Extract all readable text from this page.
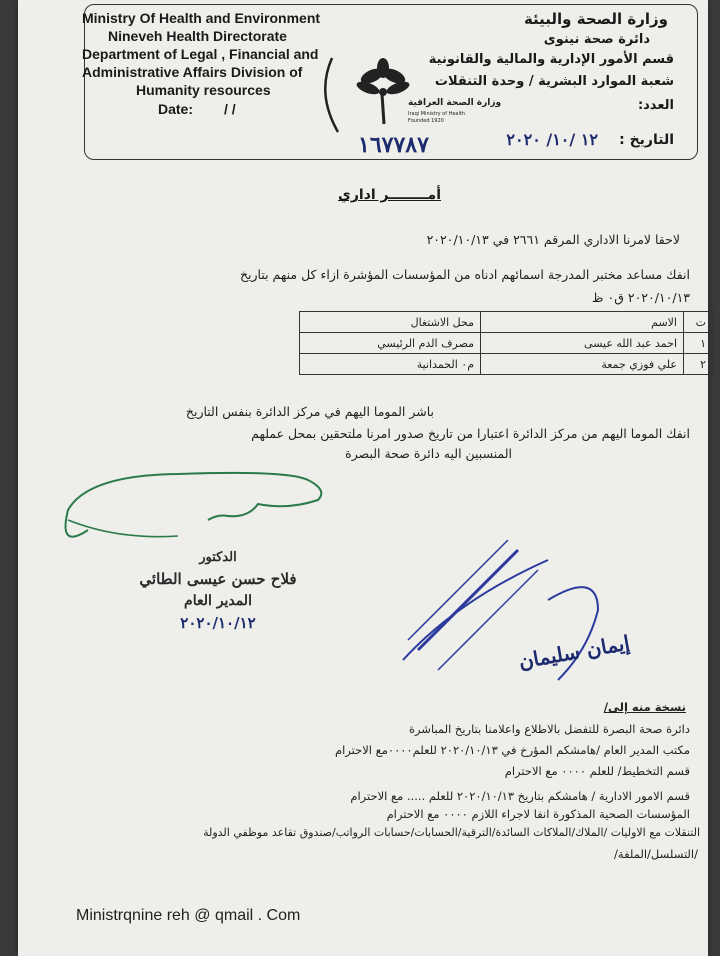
Ministry Of Health and Environment
Nineveh Health Directorate
Department of Legal , Financial and
Administrative Affairs Division of
Humanity resources
Date: / /	وزارة الصحة العراقية
Iraqi Ministry of Health
Founded 1920
وزارة الصحة والبيئة
دائرة صحة نينوى
قسم الأمور الإدارية والمالية والقانونية
شعبة الموارد البشرية / وحدة التنقلات
العدد:
التاريخ :
١٢ /١٠/ ٢٠٢٠
١٦٧٧٨٧
أمــــــــر اداري
لاحقا لامرنا الاداري المرقم ٢٦٦١ في ٢٠٢٠/١٠/١٣
انفك مساعد مختبر المدرجة اسمائهم ادناه من المؤسسات المؤشرة ازاء كل منهم بتاريخ
٢٠٢٠/١٠/١٣ ق٠ ظ
ت	الاسم	محل الاشتغال
١	احمد عبد الله عيسى	مصرف الدم الرئيسي
٢	علي فوزي جمعة	م٠ الحمدانية
باشر الموما اليهم في مركز الدائرة بنفس التاريخ
انفك الموما اليهم من مركز الدائرة اعتبارا من تاريخ صدور امرنا ملتحقين بمحل عملهم
المنسبين اليه دائرة صحة البصرة
الدكتور
فلاح حسن عيسى الطائي
المدير العام
٢٠٢٠/١٠/١٢
إيمان سليمان
نسخة منه إلى/
دائرة صحة البصرة للتفضل بالاطلاع واعلامنا بتاريخ المباشرة
مكتب المدير العام /هامشكم المؤرخ في ٢٠٢٠/١٠/١٣ للعلم٠٠٠٠مع الاحترام
قسم التخطيط/ للعلم ٠٠٠٠ مع الاحترام
قسم الامور الادارية / هامشكم بتاريخ ٢٠٢٠/١٠/١٣ للعلم ..... مع الاحترام
المؤسسات الصحية المذكورة انفا لاجراء اللازم ٠٠٠٠ مع الاحترام
التنقلات مع الاوليات /الملاك/الملاكات السائدة/الترقية/الحسابات/حسابات الرواتب/صندوق تقاعد موظفي الدولة
/التسلسل/الملفة/
Ministrqnine reh @ qmail . Com
